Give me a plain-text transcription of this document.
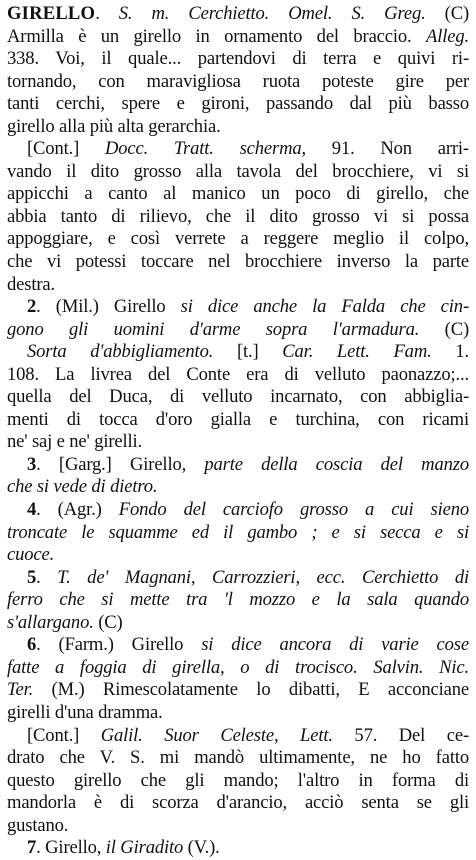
GIRELLO. S. m. Cerchietto. Omel. S. Greg. (C)
Armilla è un girello in ornamento del braccio. Alleg.
338. Voi, il quale... partendovi di terra e quivi ri-
tornando, con maravigliosa ruota poteste gire per
tanti cerchi, spere e gironi, passando dal più basso
girello alla più alta gerarchia.
[Cont.] Docc. Tratt. scherma, 91. Non arri-
vando il dito grosso alla tavola del brocchiere, vi si
appicchi a canto al manico un poco di girello, che
abbia tanto di rilievo, che il dito grosso vi si possa
appoggiare, e così verrete a reggere meglio il colpo,
che vi potessi toccare nel brocchiere inverso la parte
destra.
2. (Mil.) Girello si dice anche la Falda che cin-
gono gli uomini d'arme sopra l'armadura. (C)
Sorta d'abbigliamento. [t.] Car. Lett. Fam. 1.
108. La livrea del Conte era di velluto paonazzo;...
quella del Duca, di velluto incarnato, con abbiglia-
menti di tocca d'oro gialla e turchina, con ricami
ne' saj e ne' girelli.
3. [Garg.] Girello, parte della coscia del manzo
che si vede di dietro.
4. (Agr.) Fondo del carciofo grosso a cui sieno
troncate le squamme ed il gambo ; e si secca e si
cuoce.
5. T. de' Magnani, Carrozzieri, ecc. Cerchietto di
ferro che si mette tra 'l mozzo e la sala quando
s'allargano. (C)
6. (Farm.) Girello si dice ancora di varie cose
fatte a foggia di girella, o di trocisco. Salvin. Nic.
Ter. (M.) Rimescolatamente lo dibatti, E acconciane
girelli d'una dramma.
[Cont.] Galil. Suor Celeste, Lett. 57. Del ce-
drato che V. S. mi mandò ultimamente, ne ho fatto
questo girello che gli mando; l'altro in forma di
mandorla è di scorza d'arancio, acciò senta se gli
gustano.
7. Girello, il Giradito (V.).
